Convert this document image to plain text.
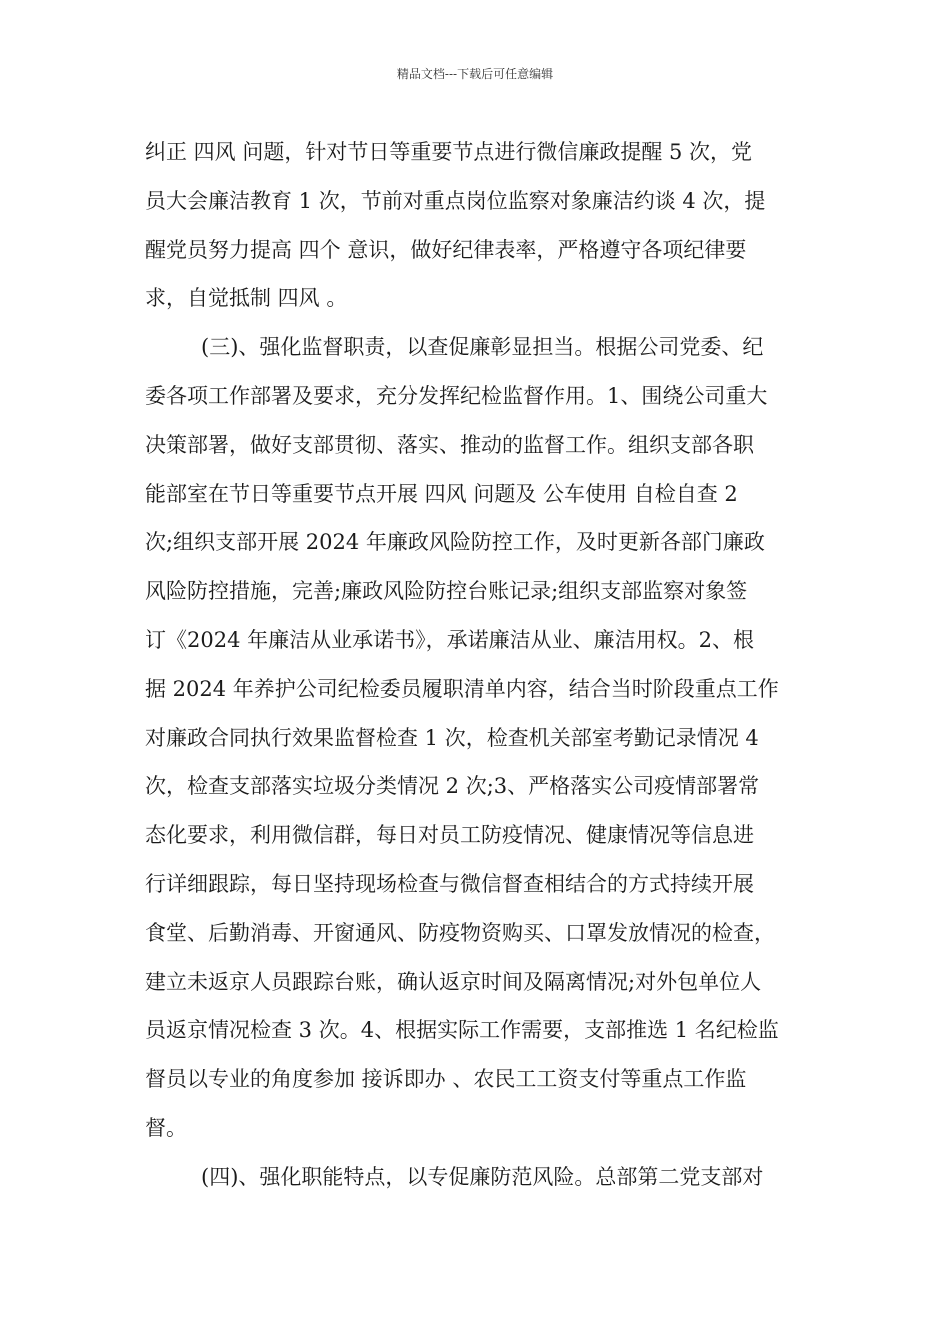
精品文档---下载后可任意编辑
纠正 四风 问题，针对节日等重要节点进行微信廉政提醒 5 次，党
员大会廉洁教育 1 次，节前对重点岗位监察对象廉洁约谈 4 次，提
醒党员努力提高 四个 意识，做好纪律表率，严格遵守各项纪律要
求，自觉抵制 四风 。
(三)、强化监督职责，以查促廉彰显担当。根据公司党委、纪
委各项工作部署及要求，充分发挥纪检监督作用。1、围绕公司重大
决策部署，做好支部贯彻、落实、推动的监督工作。组织支部各职
能部室在节日等重要节点开展 四风 问题及 公车使用 自检自查 2
次;组织支部开展 2024 年廉政风险防控工作，及时更新各部门廉政
风险防控措施，完善;廉政风险防控台账记录;组织支部监察对象签
订《2024 年廉洁从业承诺书》，承诺廉洁从业、廉洁用权。2、根
据 2024 年养护公司纪检委员履职清单内容，结合当时阶段重点工作
对廉政合同执行效果监督检查 1 次，检查机关部室考勤记录情况 4
次，检查支部落实垃圾分类情况 2 次;3、严格落实公司疫情部署常
态化要求，利用微信群，每日对员工防疫情况、健康情况等信息进
行详细跟踪，每日坚持现场检查与微信督查相结合的方式持续开展
食堂、后勤消毒、开窗通风、防疫物资购买、口罩发放情况的检查，
建立未返京人员跟踪台账，确认返京时间及隔离情况;对外包单位人
员返京情况检查 3 次。4、根据实际工作需要，支部推选 1 名纪检监
督员以专业的角度参加 接诉即办 、农民工工资支付等重点工作监
督。
(四)、强化职能特点，以专促廉防范风险。总部第二党支部对
